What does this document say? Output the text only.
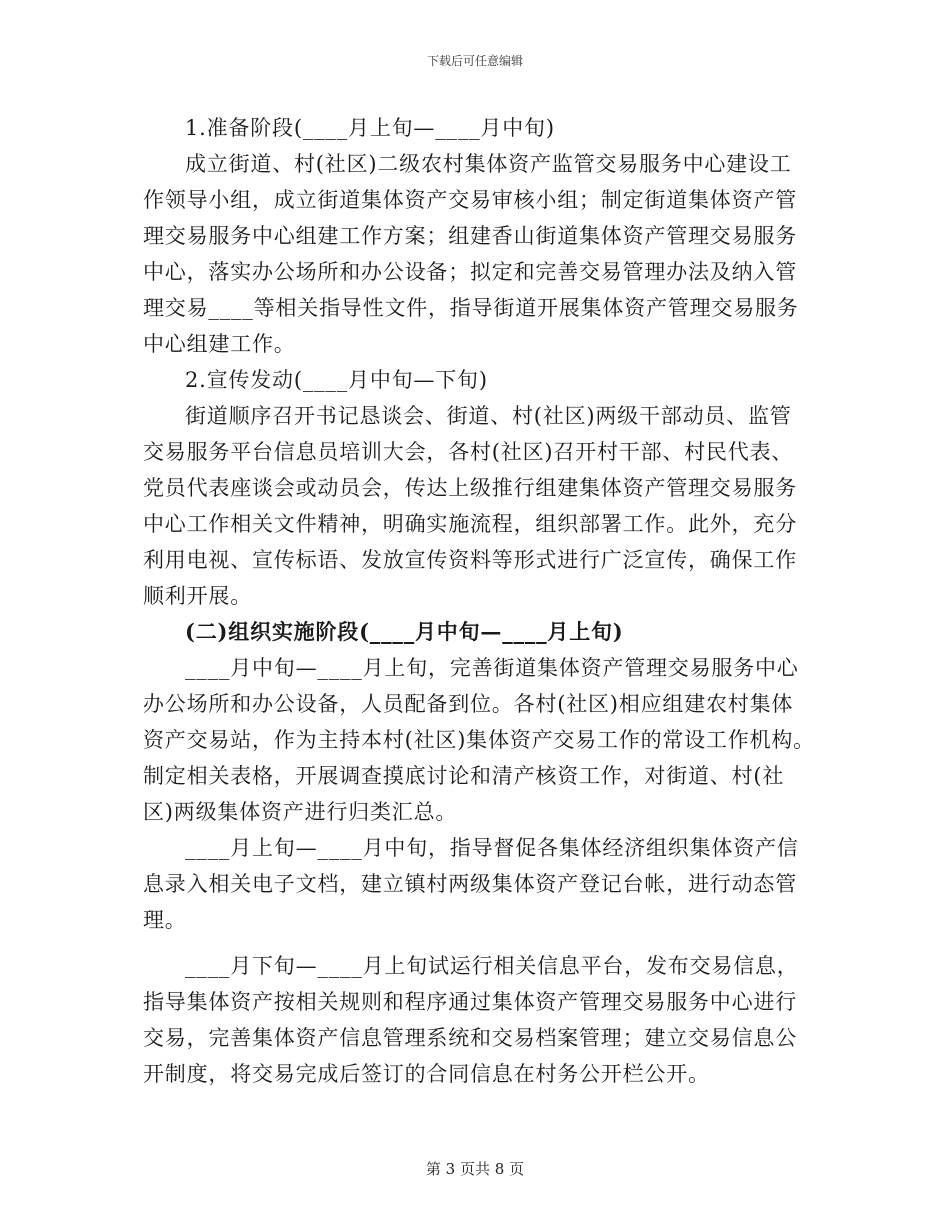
下载后可任意编辑
1.准备阶段(____月上旬—____月中旬)
成立街道、村(社区)二级农村集体资产监管交易服务中心建设工
作领导小组，成立街道集体资产交易审核小组；制定街道集体资产管
理交易服务中心组建工作方案；组建香山街道集体资产管理交易服务
中心，落实办公场所和办公设备；拟定和完善交易管理办法及纳入管
理交易____等相关指导性文件，指导街道开展集体资产管理交易服务
中心组建工作。
2.宣传发动(____月中旬—下旬)
街道顺序召开书记恳谈会、街道、村(社区)两级干部动员、监管
交易服务平台信息员培训大会，各村(社区)召开村干部、村民代表、
党员代表座谈会或动员会，传达上级推行组建集体资产管理交易服务
中心工作相关文件精神，明确实施流程，组织部署工作。此外，充分
利用电视、宣传标语、发放宣传资料等形式进行广泛宣传，确保工作
顺利开展。
(二)组织实施阶段(____月中旬—____月上旬)
____月中旬—____月上旬，完善街道集体资产管理交易服务中心
办公场所和办公设备，人员配备到位。各村(社区)相应组建农村集体
资产交易站，作为主持本村(社区)集体资产交易工作的常设工作机构。
制定相关表格，开展调查摸底讨论和清产核资工作，对街道、村(社
区)两级集体资产进行归类汇总。
____月上旬—____月中旬，指导督促各集体经济组织集体资产信
息录入相关电子文档，建立镇村两级集体资产登记台帐，进行动态管
理。
____月下旬—____月上旬试运行相关信息平台，发布交易信息，
指导集体资产按相关规则和程序通过集体资产管理交易服务中心进行
交易，完善集体资产信息管理系统和交易档案管理；建立交易信息公
开制度，将交易完成后签订的合同信息在村务公开栏公开。
第 3 页共 8 页
